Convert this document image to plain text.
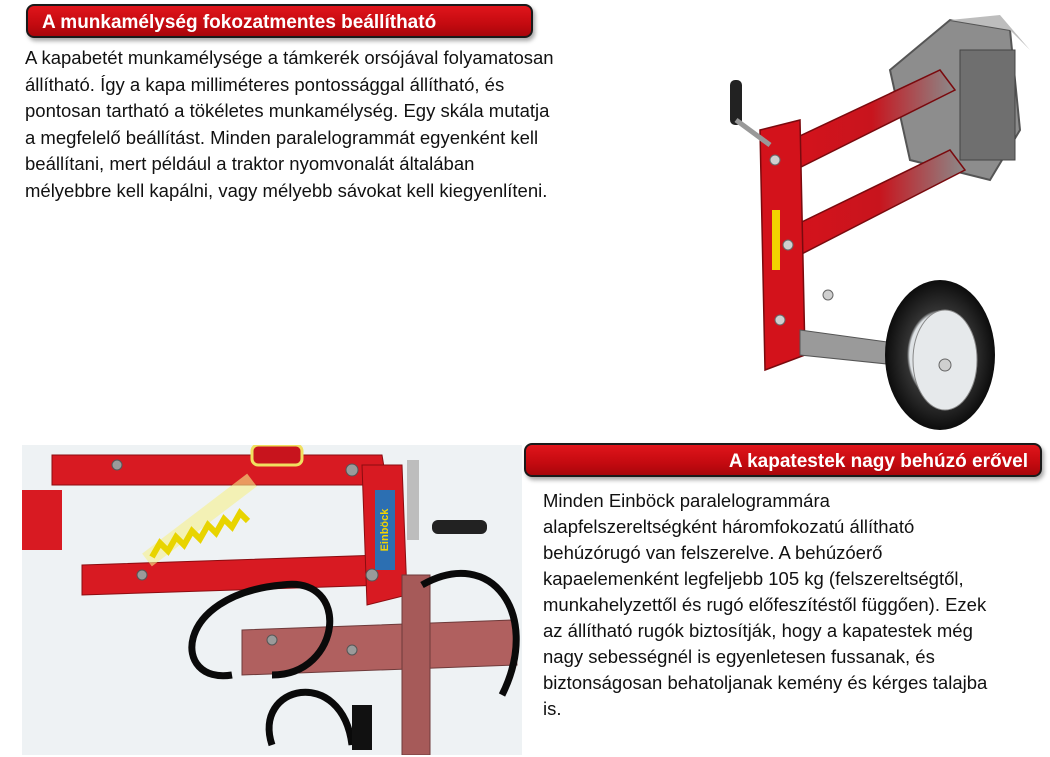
A munkamélység fokozatmentes beállítható
A kapabetét munkamélysége a támkerék orsójával folyamatosan
állítható. Így a kapa milliméteres pontossággal állítható, és
pontosan tartható a tökéletes munkamélység. Egy skála mutatja
a megfelelő beállítást. Minden paralelogrammát egyenként kell
beállítani, mert például a traktor nyomvonalát általában
mélyebbre kell kapálni, vagy mélyebb sávokat kell kiegyenlíteni.
A kapatestek nagy behúzó erővel
Einböck
Minden Einböck paralelogrammára
alapfelszereltségként háromfokozatú állítható
behúzórugó van felszerelve. A behúzóerő
kapaelemenként legfeljebb 105 kg (felszereltségtől,
munkahelyzettől és rugó előfeszítéstől függően). Ezek
az állítható rugók biztosítják, hogy a kapatestek még
nagy sebességnél is egyenletesen fussanak, és
biztonságosan behatoljanak kemény és kérges talajba
is.
